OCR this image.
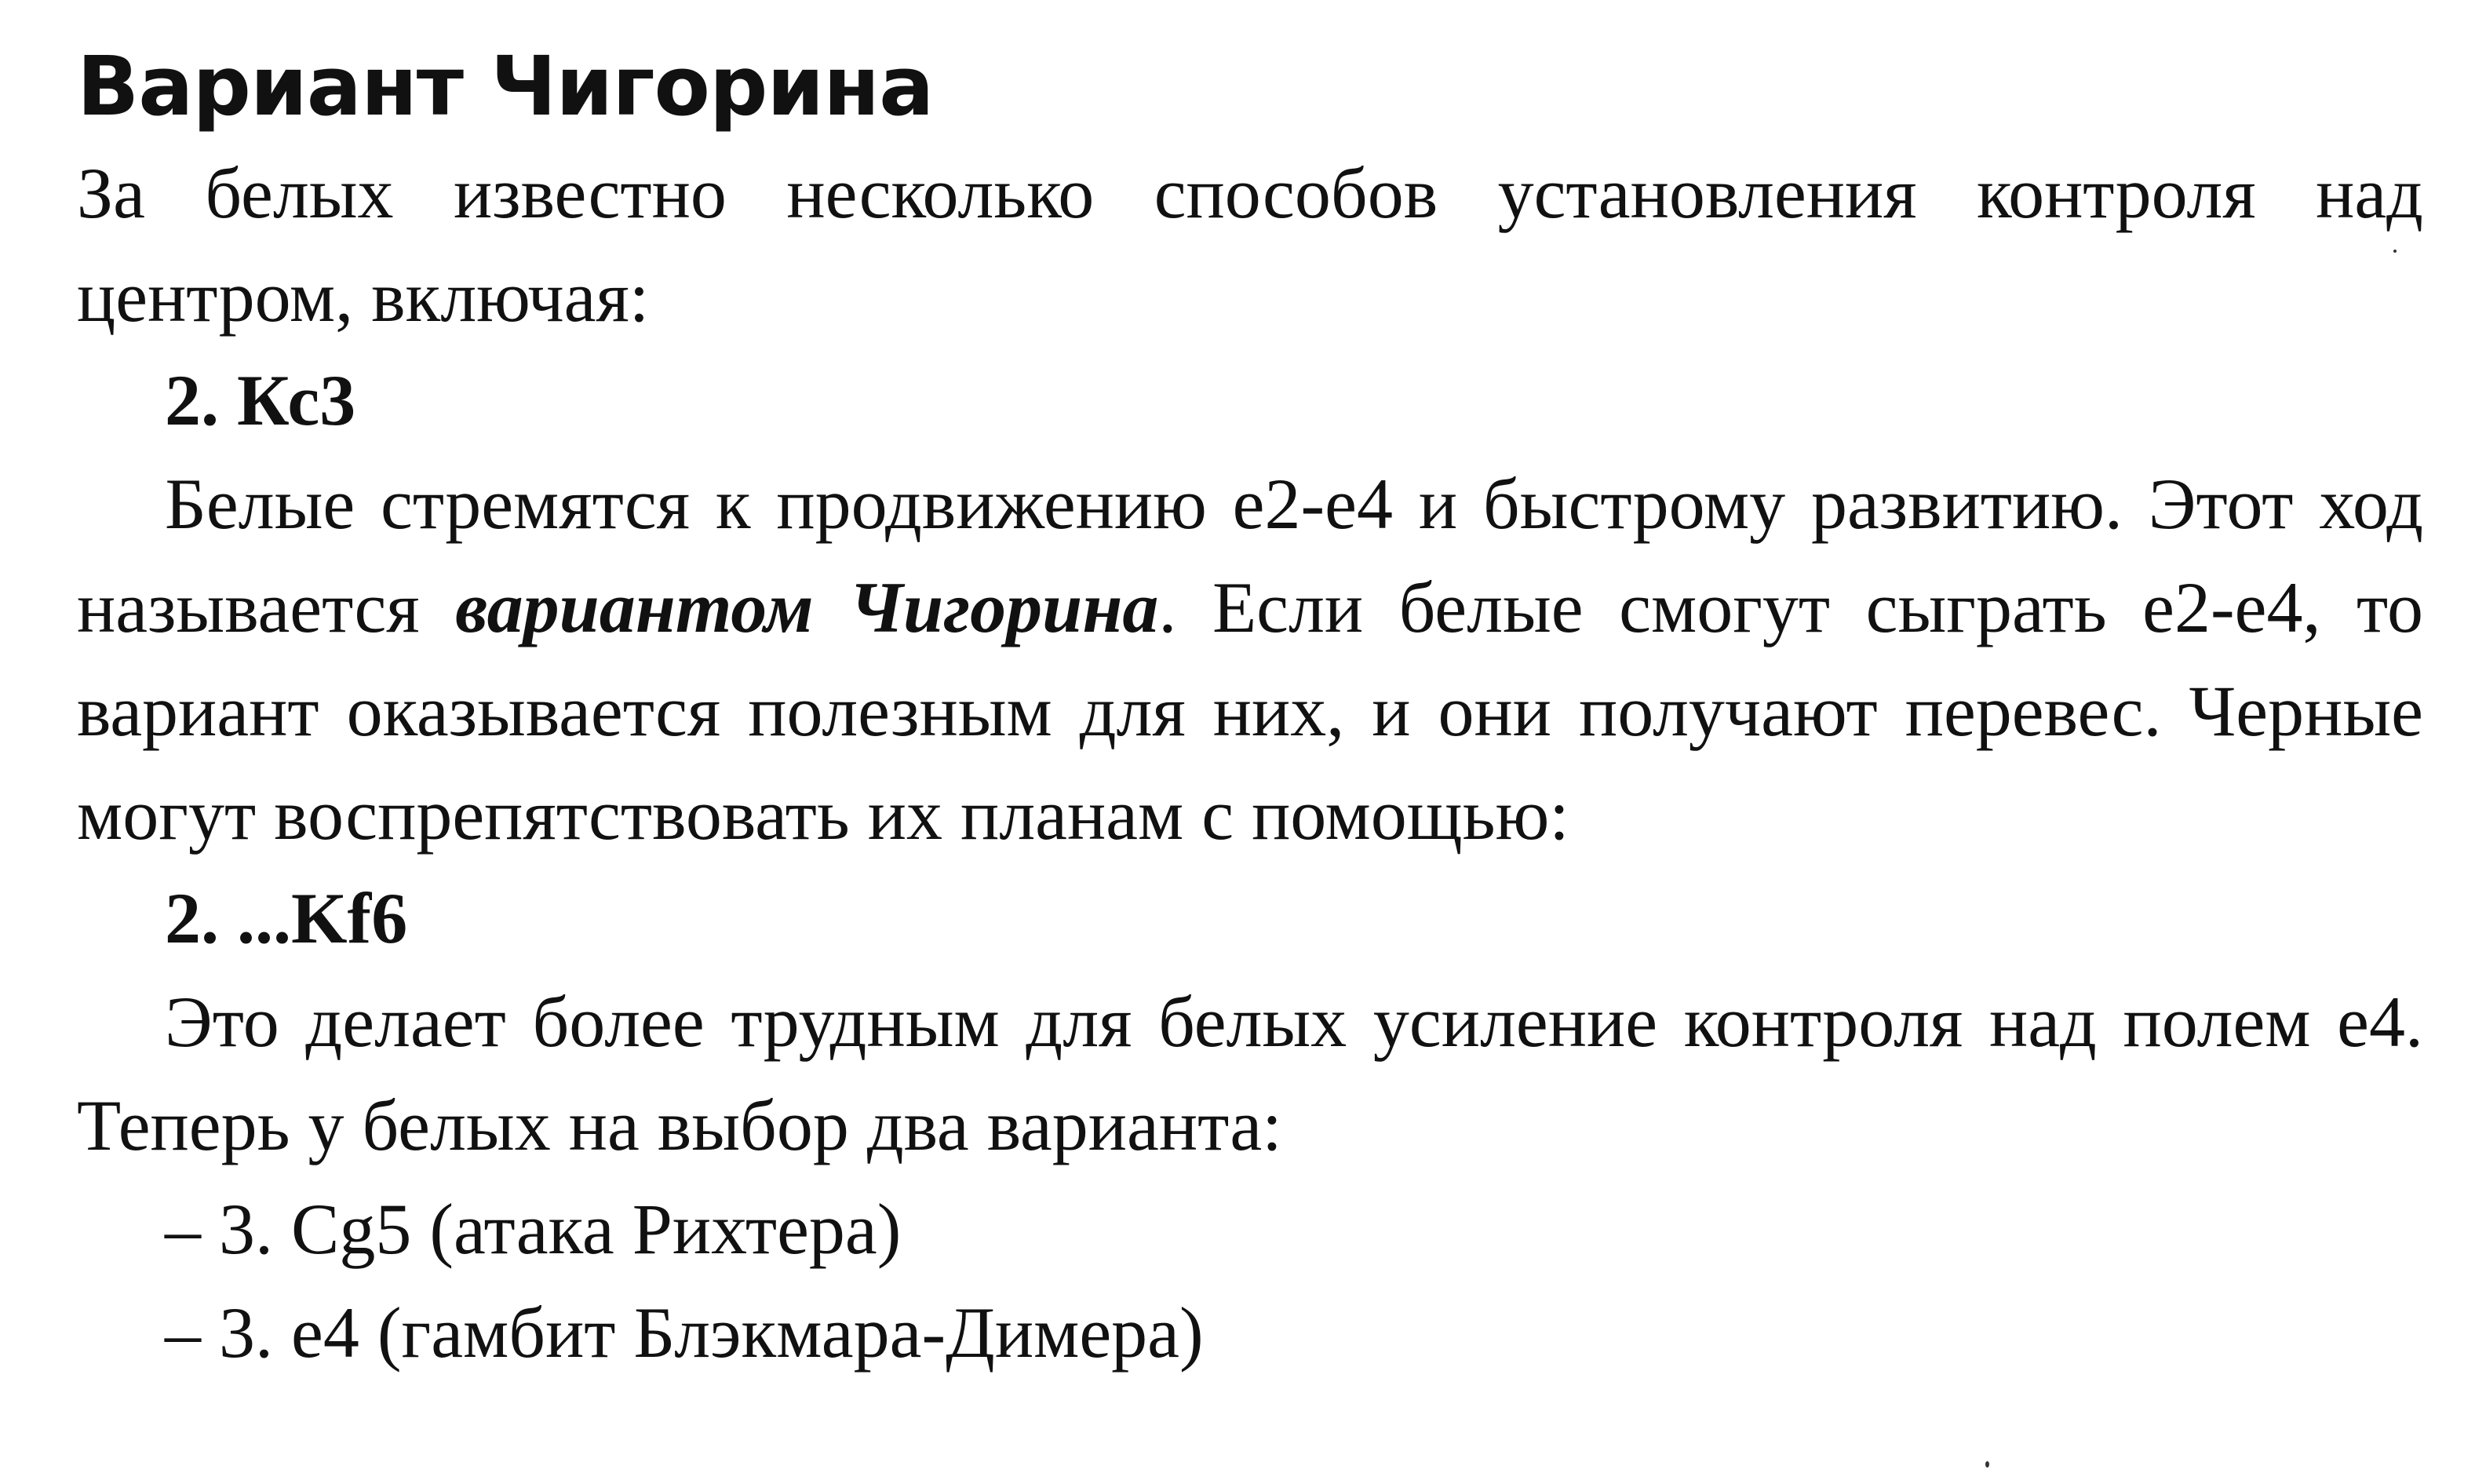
Вариант Чигорина

За белых известно несколько способов установления контроля над центром, включая:

2. Кс3

Белые стремятся к продвижению е2-е4 и быстрому развитию. Этот ход называется вариантом Чигорина. Если белые смогут сыграть е2-е4, то вариант оказывается полезным для них, и они получают перевес. Черные могут воспрепятствовать их планам с помощью:

2. ...Kf6

Это делает более трудным для белых усиление контроля над полем е4. Теперь у белых на выбор два варианта:

– 3. Cg5 (атака Рихтера)

– 3. е4 (гамбит Блэкмара-Димера)
